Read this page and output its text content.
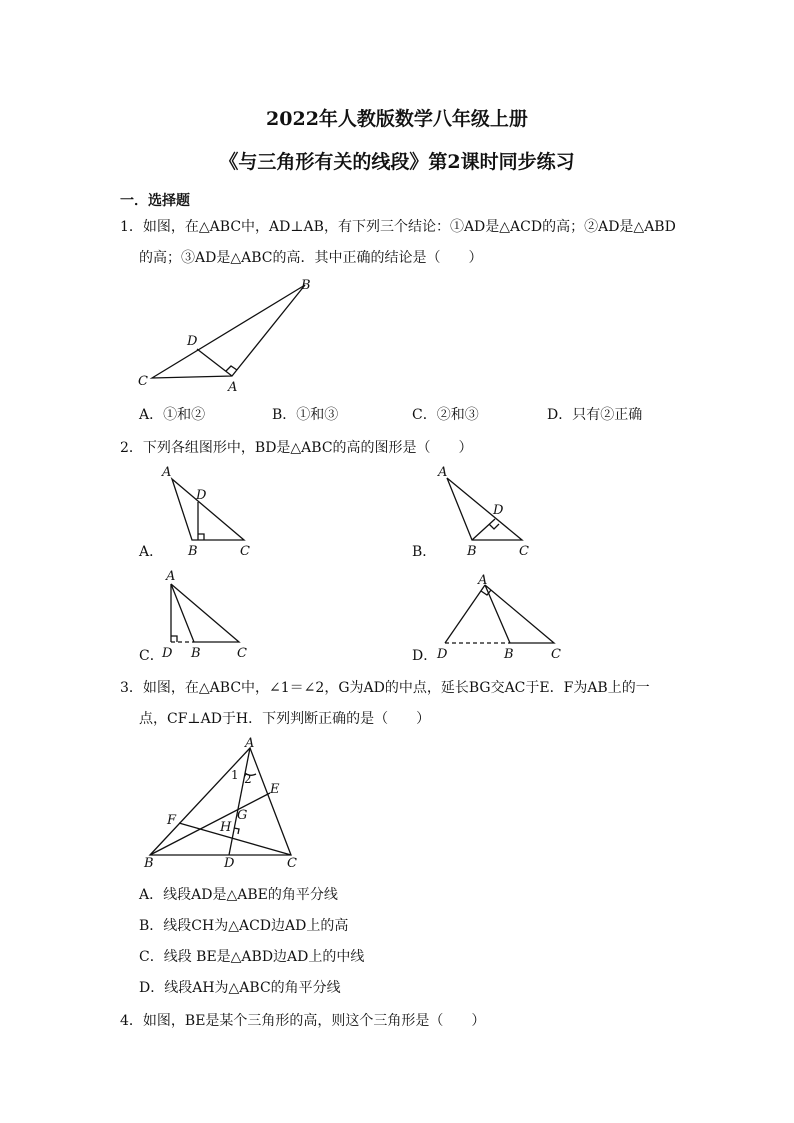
2022年人教版数学八年级上册
《与三角形有关的线段》第2课时同步练习
一．选择题
1．如图，在△ABC中，AD⊥AB，有下列三个结论：①AD是△ACD的高；②AD是△ABD
的高；③AD是△ABC的高．其中正确的结论是（　　）
B
D
C	A
A．①和②	B．①和③	C．②和③	D．只有②正确
2．下列各组图形中，BD是△ABC的高的图形是（　　）
A．
A
D
B	C	B．
A
D
B	C
C．
A
D B	C	D．
A
D	B	C
3．如图，在△ABC中，∠1＝∠2，G为AD的中点，延长BG交AC于E．F为AB上的一
点，CF⊥AD于H．下列判断正确的是（　　）
A
1 2
E
F	G
H
B	D	C
A．线段AD是△ABE的角平分线
B．线段CH为△ACD边AD上的高
C．线段 BE是△ABD边AD上的中线
D．线段AH为△ABC的角平分线
4．如图，BE是某个三角形的高，则这个三角形是（　　）
